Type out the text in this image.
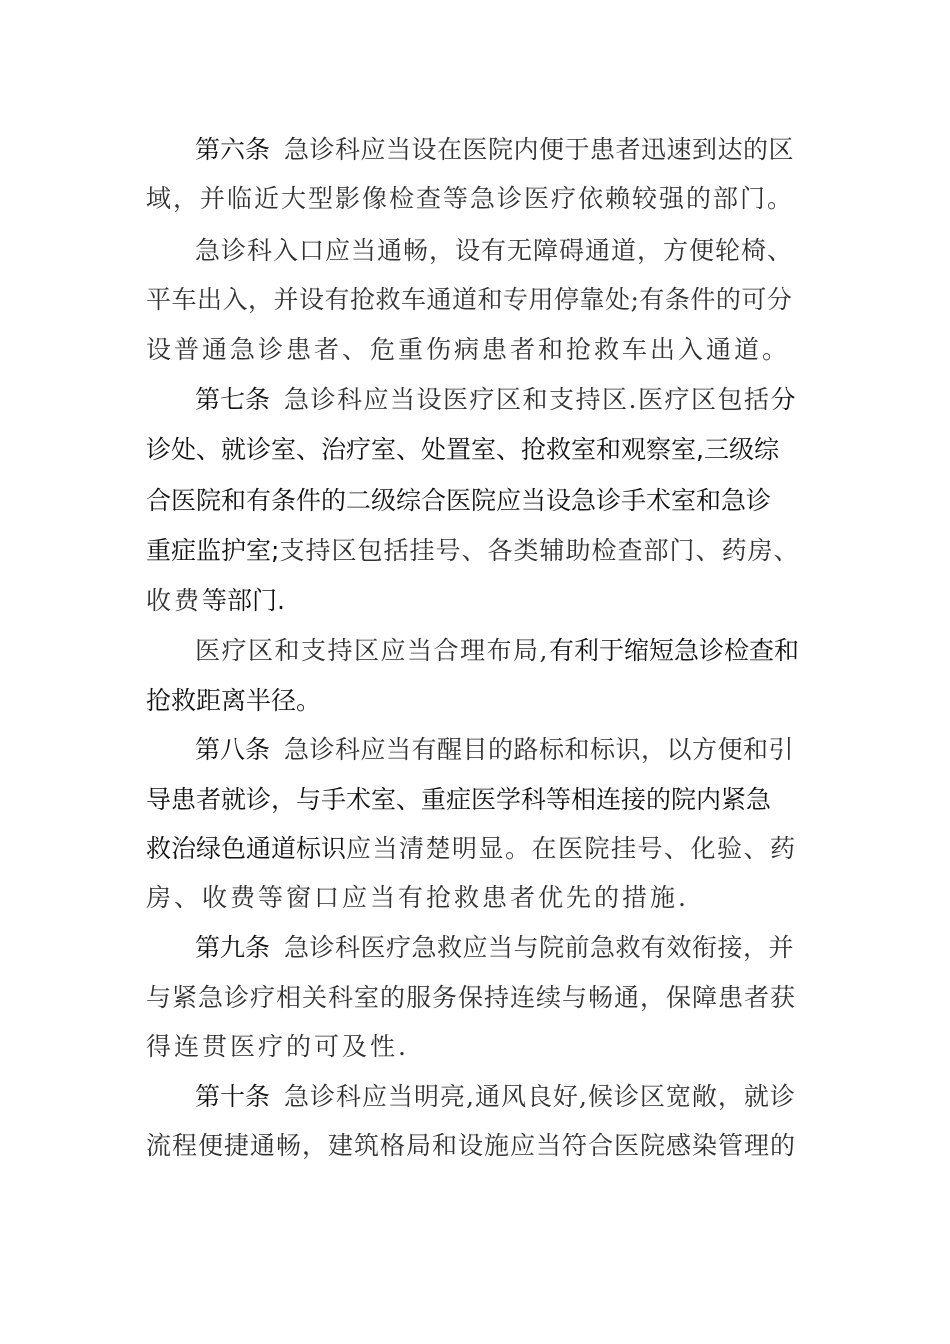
第六条 急诊科应当设在医院内便于患者迅速到达的区
域，并临近大型影像检查等急诊医疗依赖较强的部门。
急诊科入口应当通畅，设有无障碍通道，方便轮椅、
平车出入，并设有抢救车通道和专用停靠处;有条件的可分
设普通急诊患者、危重伤病患者和抢救车出入通道。
第七条 急诊科应当设医疗区和支持区.医疗区包括分
诊处、就诊室、治疗室、处置室、抢救室和观察室,三级综
合医院和有条件的二级综合医院应当设急诊手术室和急诊
重症监护室;支持区包括挂号、各类辅助检查部门、药房、
收费等部门.
医疗区和支持区应当合理布局,有利于缩短急诊检查和
抢救距离半径。
第八条 急诊科应当有醒目的路标和标识，以方便和引
导患者就诊，与手术室、重症医学科等相连接的院内紧急
救治绿色通道标识应当清楚明显。在医院挂号、化验、药
房、收费等窗口应当有抢救患者优先的措施.
第九条 急诊科医疗急救应当与院前急救有效衔接，并
与紧急诊疗相关科室的服务保持连续与畅通，保障患者获
得连贯医疗的可及性.
第十条 急诊科应当明亮,通风良好,候诊区宽敞，就诊
流程便捷通畅，建筑格局和设施应当符合医院感染管理的
